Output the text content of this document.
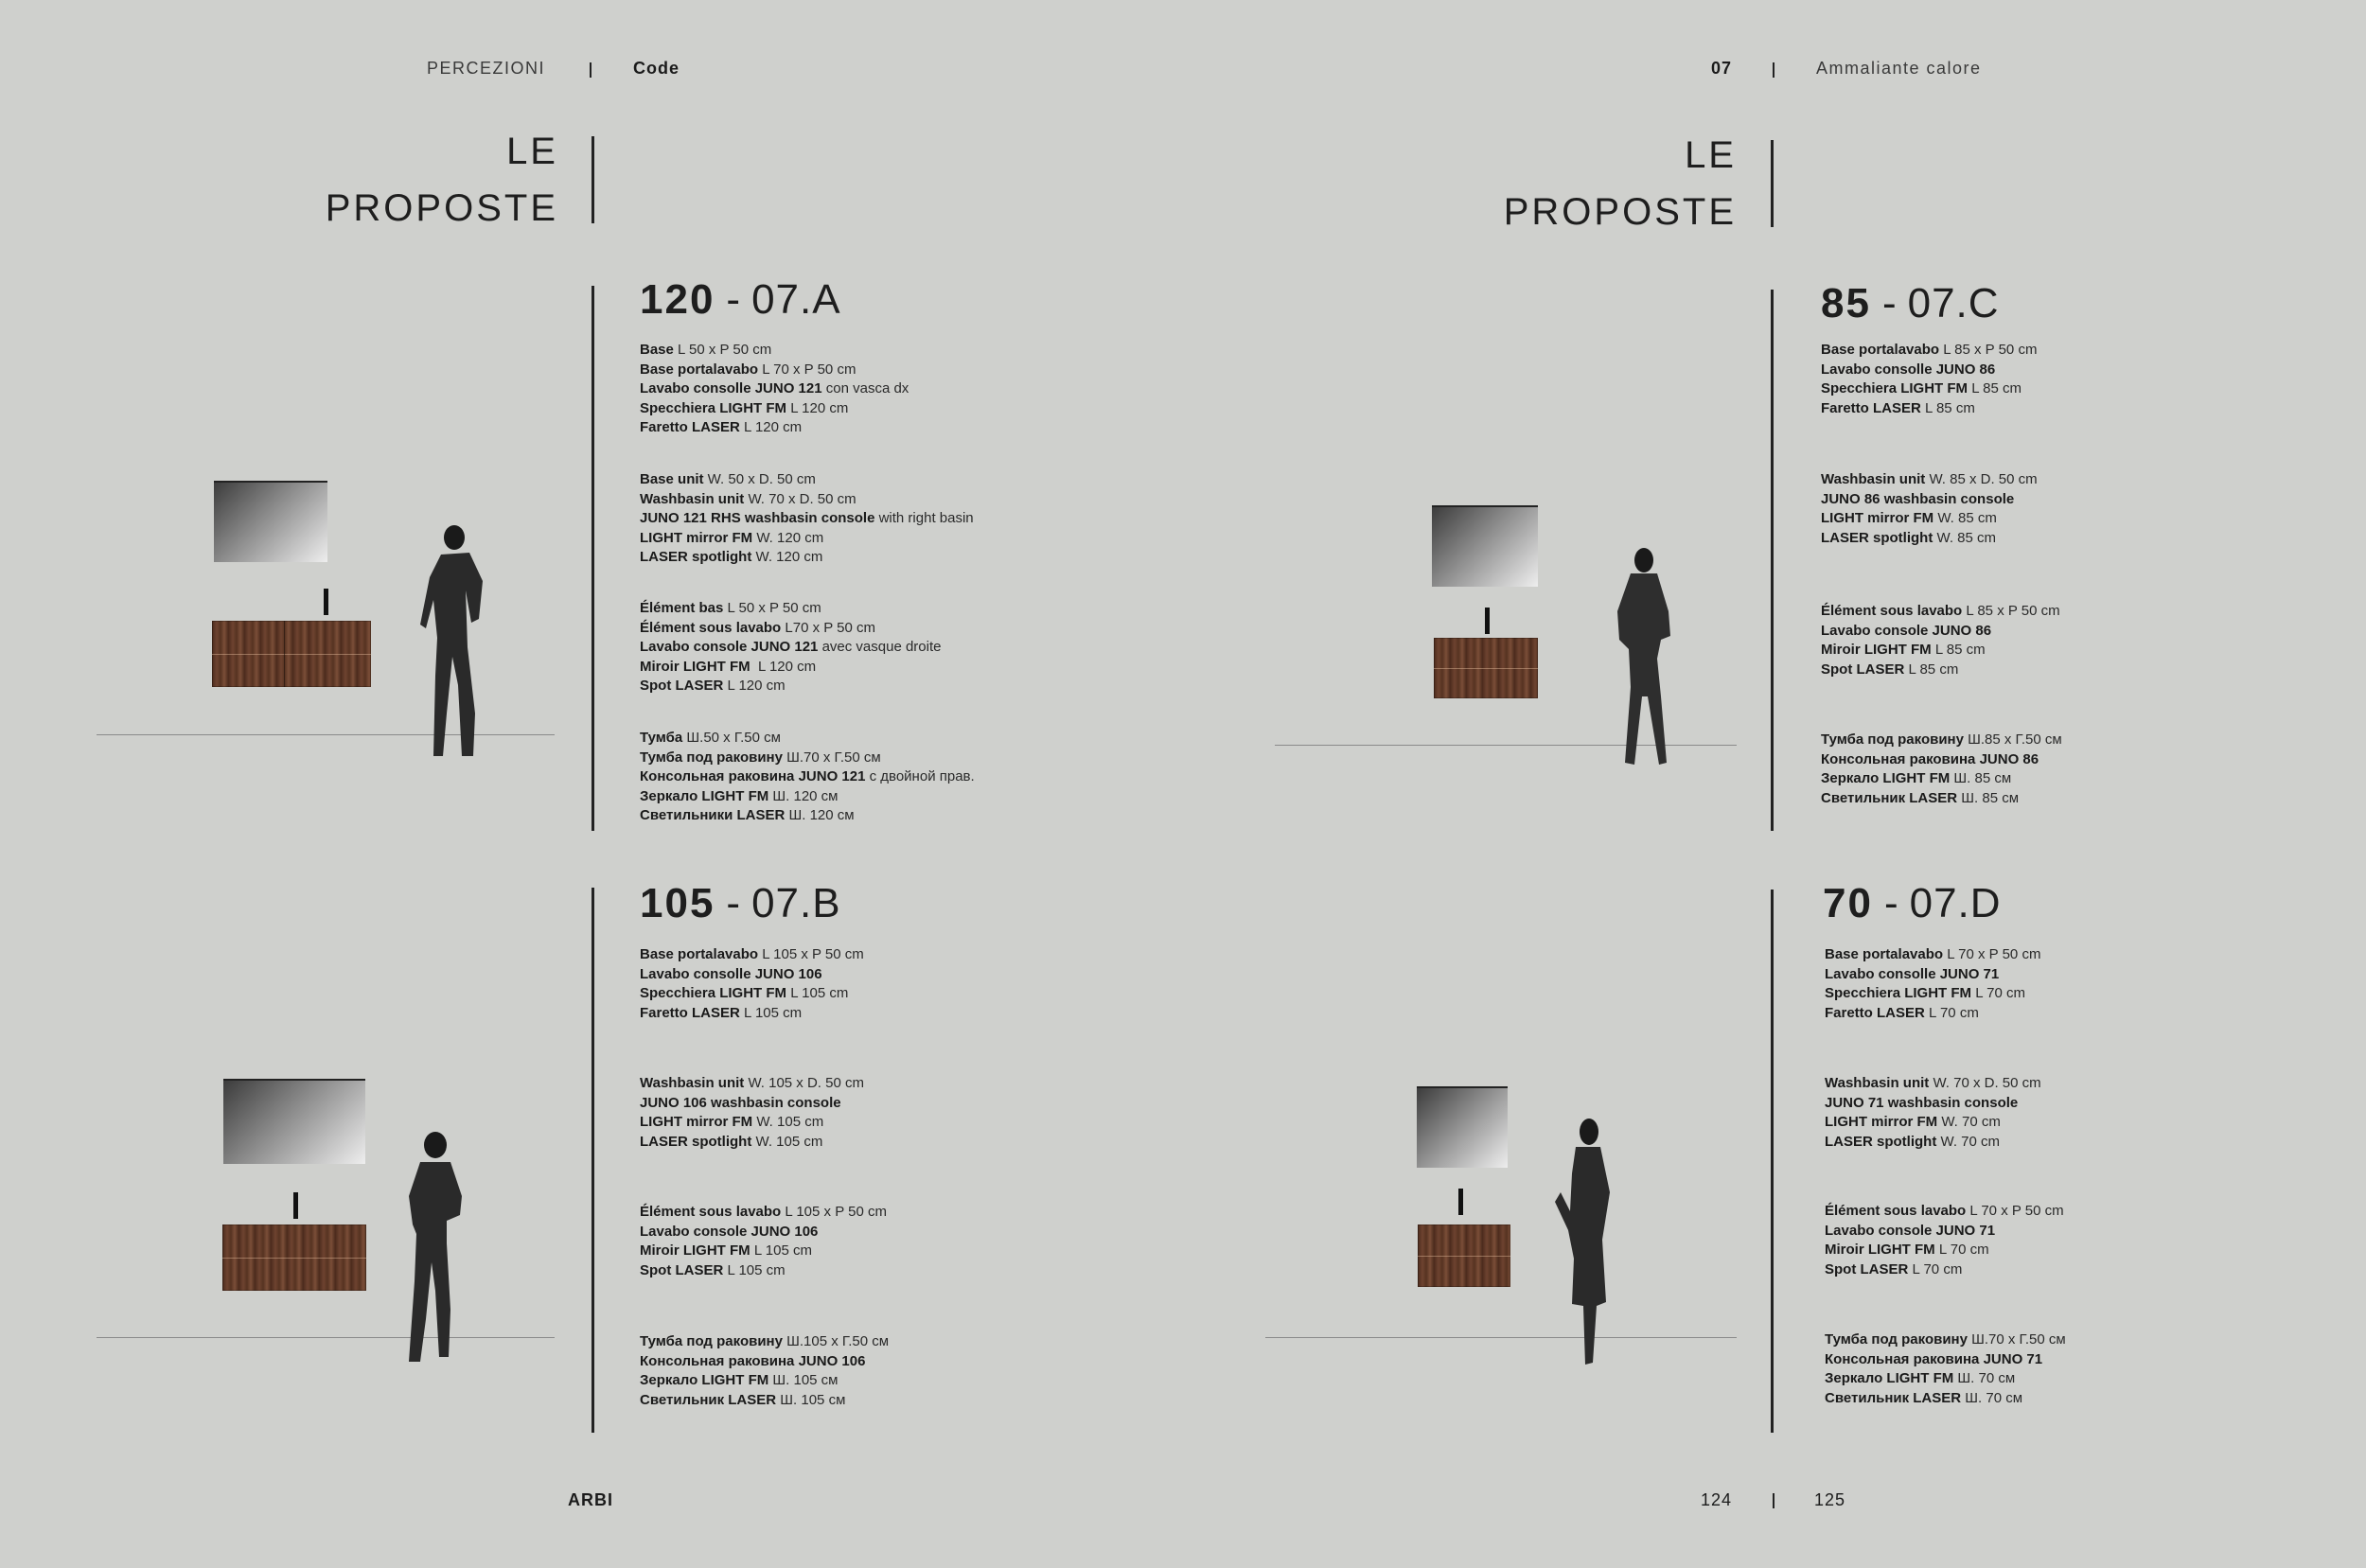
PERCEZIONI	Code	07	Ammaliante calore
LE
PROPOSTE
LE
PROPOSTE
120 - 07.A
Base L 50 x P 50 cm
Base portalavabo L 70 x P 50 cm
Lavabo consolle JUNO 121 con vasca dx
Specchiera LIGHT FM L 120 cm
Faretto LASER L 120 cm
Base unit W. 50 x D. 50 cm
Washbasin unit W. 70 x D. 50 cm
JUNO 121 RHS washbasin console with right basin
LIGHT mirror FM W. 120 cm
LASER spotlight W. 120 cm
Élément bas L 50 x P 50 cm
Élément sous lavabo L70 x P 50 cm
Lavabo console JUNO 121 avec vasque droite
Miroir LIGHT FM  L 120 cm
Spot LASER L 120 cm
Тумба Ш.50 x Г.50 см
Тумба под раковину Ш.70 x Г.50 см
Консольная раковина JUNO 121 с двойной прав.
Зеркало LIGHT FM Ш. 120 см
Светильники LASER Ш. 120 см
105 - 07.B
Base portalavabo L 105 x P 50 cm
Lavabo consolle JUNO 106
Specchiera LIGHT FM L 105 cm
Faretto LASER L 105 cm
Washbasin unit W. 105 x D. 50 cm
JUNO 106 washbasin console
LIGHT mirror FM W. 105 cm
LASER spotlight W. 105 cm
Élément sous lavabo L 105 x P 50 cm
Lavabo console JUNO 106
Miroir LIGHT FM L 105 cm
Spot LASER L 105 cm
Тумба под раковину Ш.105 x Г.50 см
Консольная раковина JUNO 106
Зеркало LIGHT FM Ш. 105 см
Светильник LASER Ш. 105 см
85 - 07.C
Base portalavabo L 85 x P 50 cm
Lavabo consolle JUNO 86
Specchiera LIGHT FM L 85 cm
Faretto LASER L 85 cm
Washbasin unit W. 85 x D. 50 cm
JUNO 86 washbasin console
LIGHT mirror FM W. 85 cm
LASER spotlight W. 85 cm
Élément sous lavabo L 85 x P 50 cm
Lavabo console JUNO 86
Miroir LIGHT FM L 85 cm
Spot LASER L 85 cm
Тумба под раковину Ш.85 x Г.50 см
Консольная раковина JUNO 86
Зеркало LIGHT FM Ш. 85 см
Светильник LASER Ш. 85 см
70 - 07.D
Base portalavabo L 70 x P 50 cm
Lavabo consolle JUNO 71
Specchiera LIGHT FM L 70 cm
Faretto LASER L 70 cm
Washbasin unit W. 70 x D. 50 cm
JUNO 71 washbasin console
LIGHT mirror FM W. 70 cm
LASER spotlight W. 70 cm
Élément sous lavabo L 70 x P 50 cm
Lavabo console JUNO 71
Miroir LIGHT FM L 70 cm
Spot LASER L 70 cm
Тумба под раковину Ш.70 x Г.50 см
Консольная раковина JUNO 71
Зеркало LIGHT FM Ш. 70 см
Светильник LASER Ш. 70 см
ARBI	124	125
